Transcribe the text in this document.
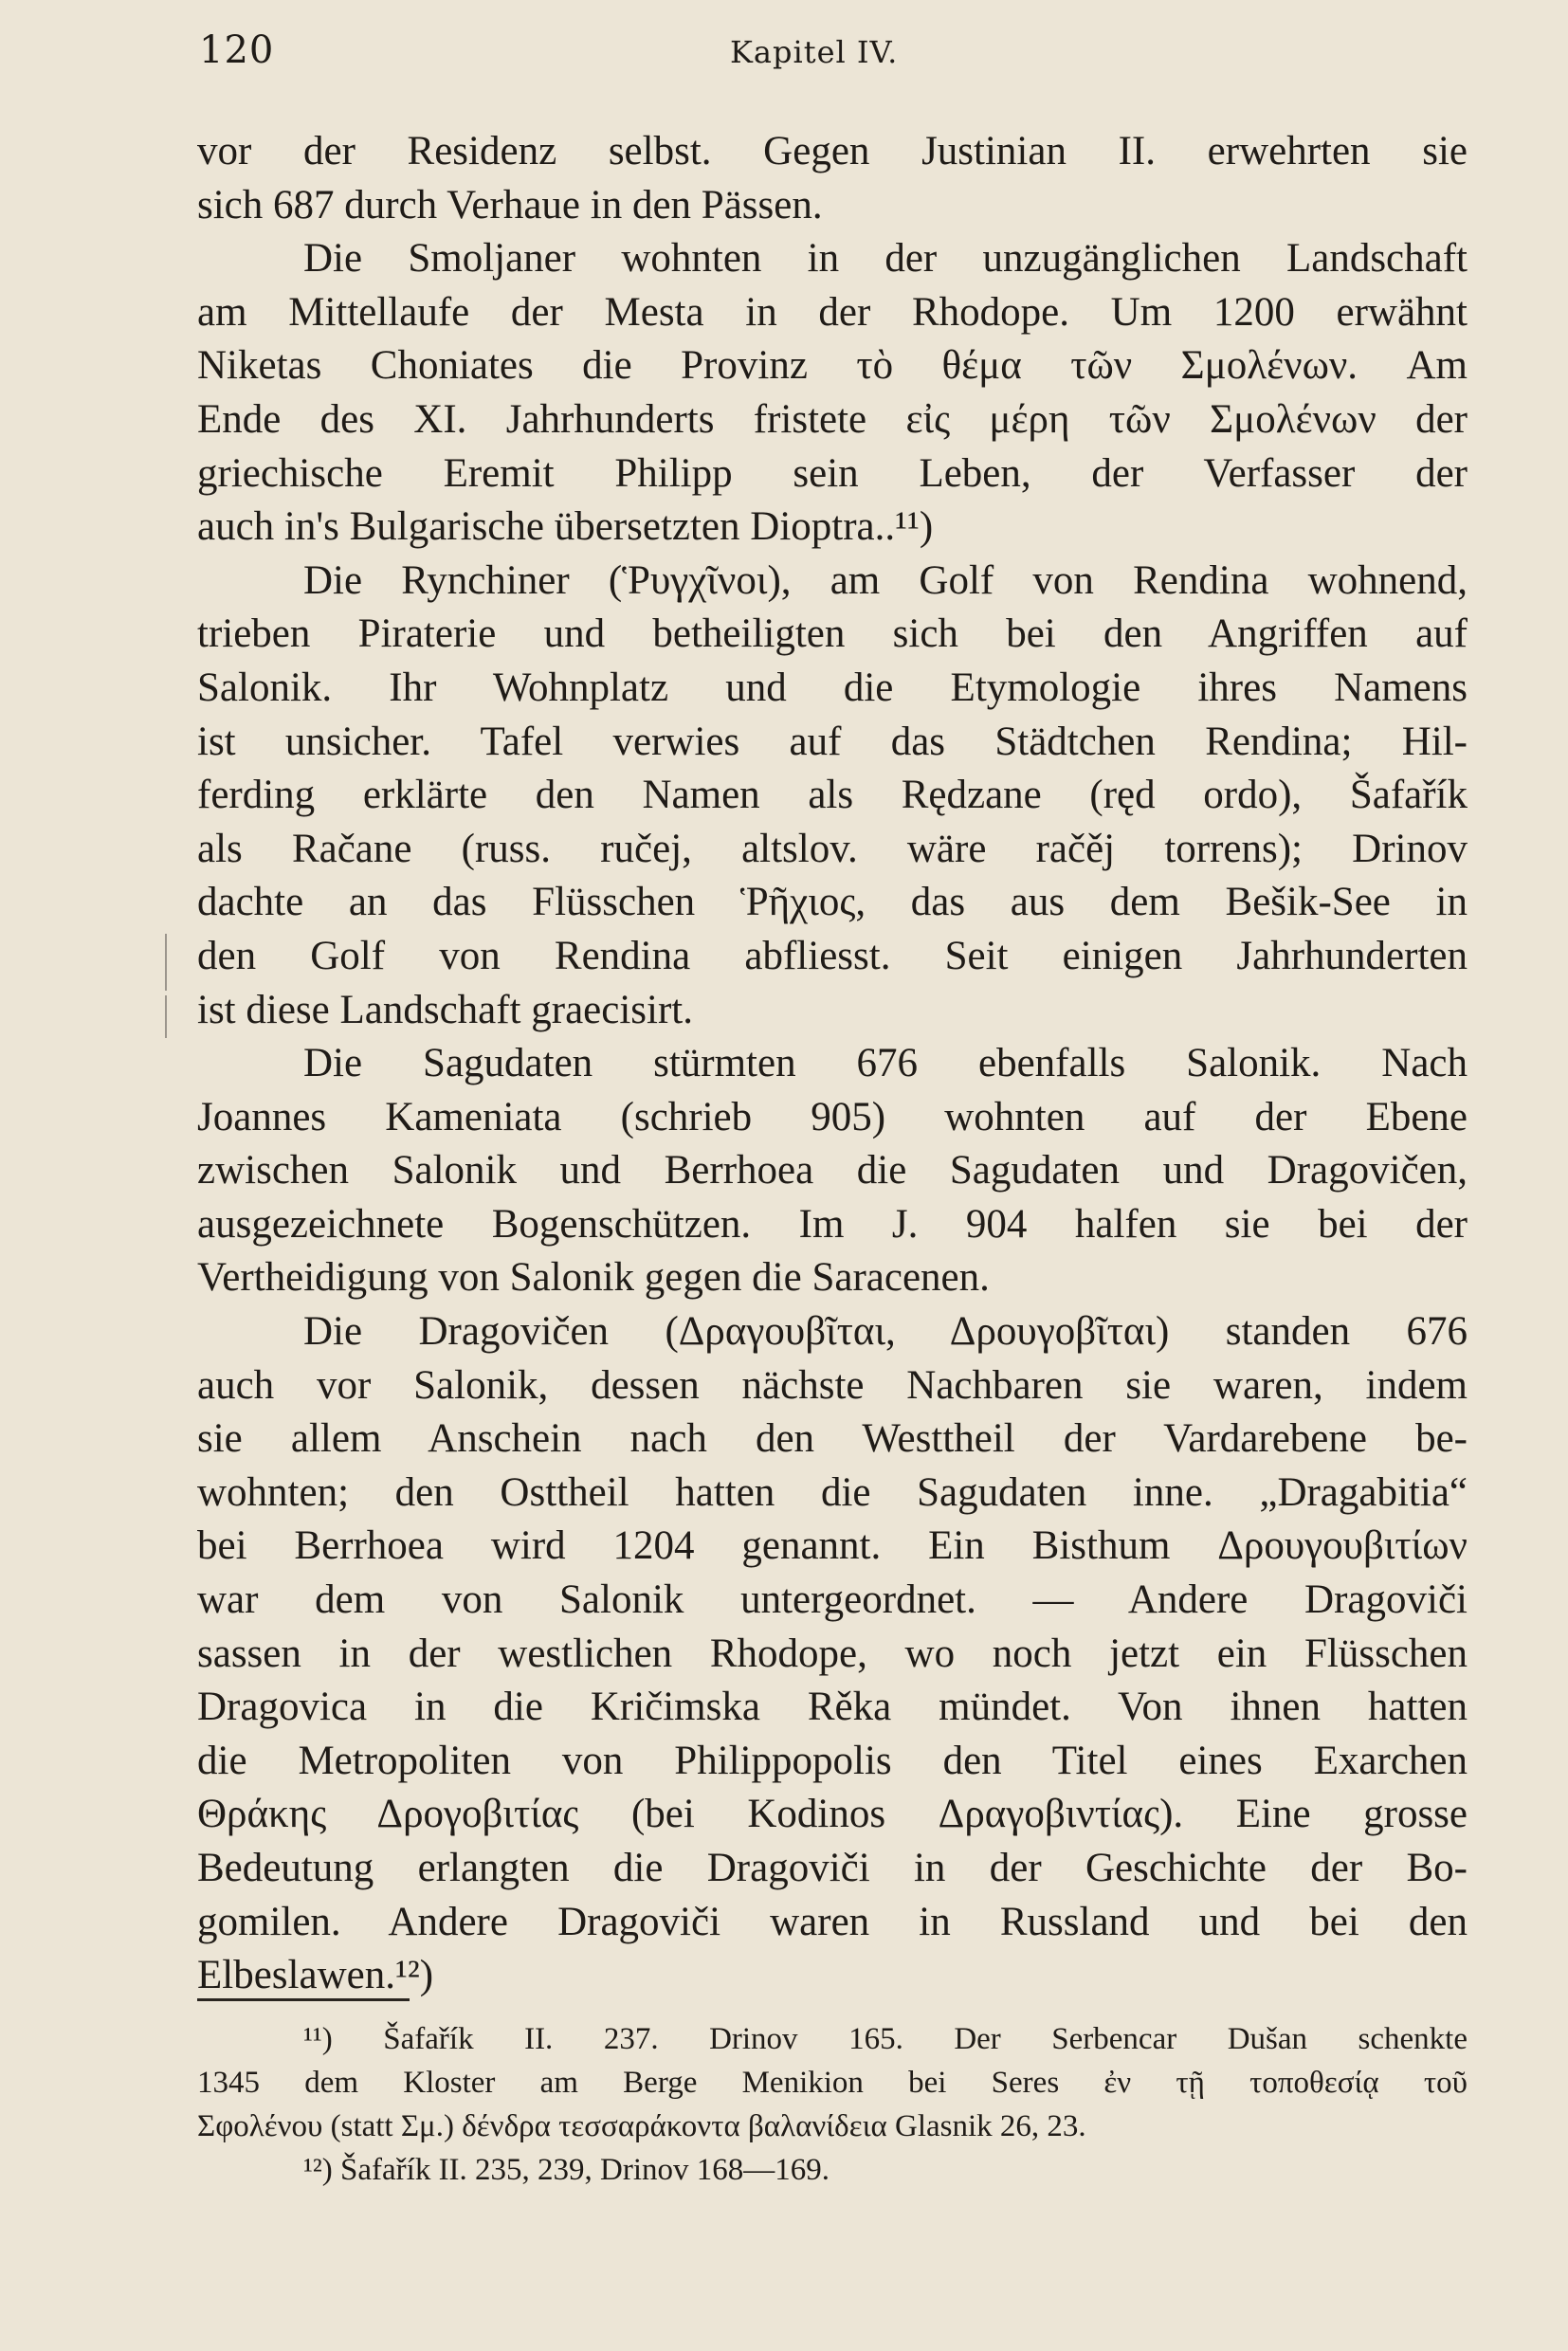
120	Kapitel IV.
vor der Residenz selbst. Gegen Justinian II. erwehrten sie
sich 687 durch Verhaue in den Pässen.
Die Smoljaner wohnten in der unzugänglichen Landschaft
am Mittellaufe der Mesta in der Rhodope. Um 1200 erwähnt
Niketas Choniates die Provinz τὸ θέμα τῶν Σμολένων. Am
Ende des XI. Jahrhunderts fristete εἰς μέρη τῶν Σμολένων der
griechische Eremit Philipp sein Leben, der Verfasser der
auch in's Bulgarische übersetzten Dioptra..¹¹)
Die Rynchiner (Ῥυγχῖνοι), am Golf von Rendina wohnend,
trieben Piraterie und betheiligten sich bei den Angriffen auf
Salonik. Ihr Wohnplatz und die Etymologie ihres Namens
ist unsicher. Tafel verwies auf das Städtchen Rendina; Hil-
ferding erklärte den Namen als Rędzane (ręd ordo), Šafařík
als Račane (russ. ručej, altslov. wäre račěj torrens); Drinov
dachte an das Flüsschen Ῥῆχιος, das aus dem Bešik-See in
den Golf von Rendina abfliesst. Seit einigen Jahrhunderten
ist diese Landschaft graecisirt.
Die Sagudaten stürmten 676 ebenfalls Salonik. Nach
Joannes Kameniata (schrieb 905) wohnten auf der Ebene
zwischen Salonik und Berrhoea die Sagudaten und Dragovičen,
ausgezeichnete Bogenschützen. Im J. 904 halfen sie bei der
Vertheidigung von Salonik gegen die Saracenen.
Die Dragovičen (Δραγουβῖται, Δρουγοβῖται) standen 676
auch vor Salonik, dessen nächste Nachbaren sie waren, indem
sie allem Anschein nach den Westtheil der Vardarebene be-
wohnten; den Osttheil hatten die Sagudaten inne. „Dragabitia“
bei Berrhoea wird 1204 genannt. Ein Bisthum Δρουγουβιτίων
war dem von Salonik untergeordnet. — Andere Dragoviči
sassen in der westlichen Rhodope, wo noch jetzt ein Flüsschen
Dragovica in die Kričimska Rěka mündet. Von ihnen hatten
die Metropoliten von Philippopolis den Titel eines Exarchen
Θράκης Δρογοβιτίας (bei Kodinos Δραγοβιντίας). Eine grosse
Bedeutung erlangten die Dragoviči in der Geschichte der Bo-
gomilen. Andere Dragoviči waren in Russland und bei den
Elbeslawen.¹²)
¹¹) Šafařík II. 237. Drinov 165. Der Serbencar Dušan schenkte
1345 dem Kloster am Berge Menikion bei Seres ἐν τῇ τοποθεσίᾳ τοῦ
Σφολένου (statt Σμ.) δένδρα τεσσαράκοντα βαλανίδεια Glasnik 26, 23.
¹²) Šafařík II. 235, 239, Drinov 168—169.
